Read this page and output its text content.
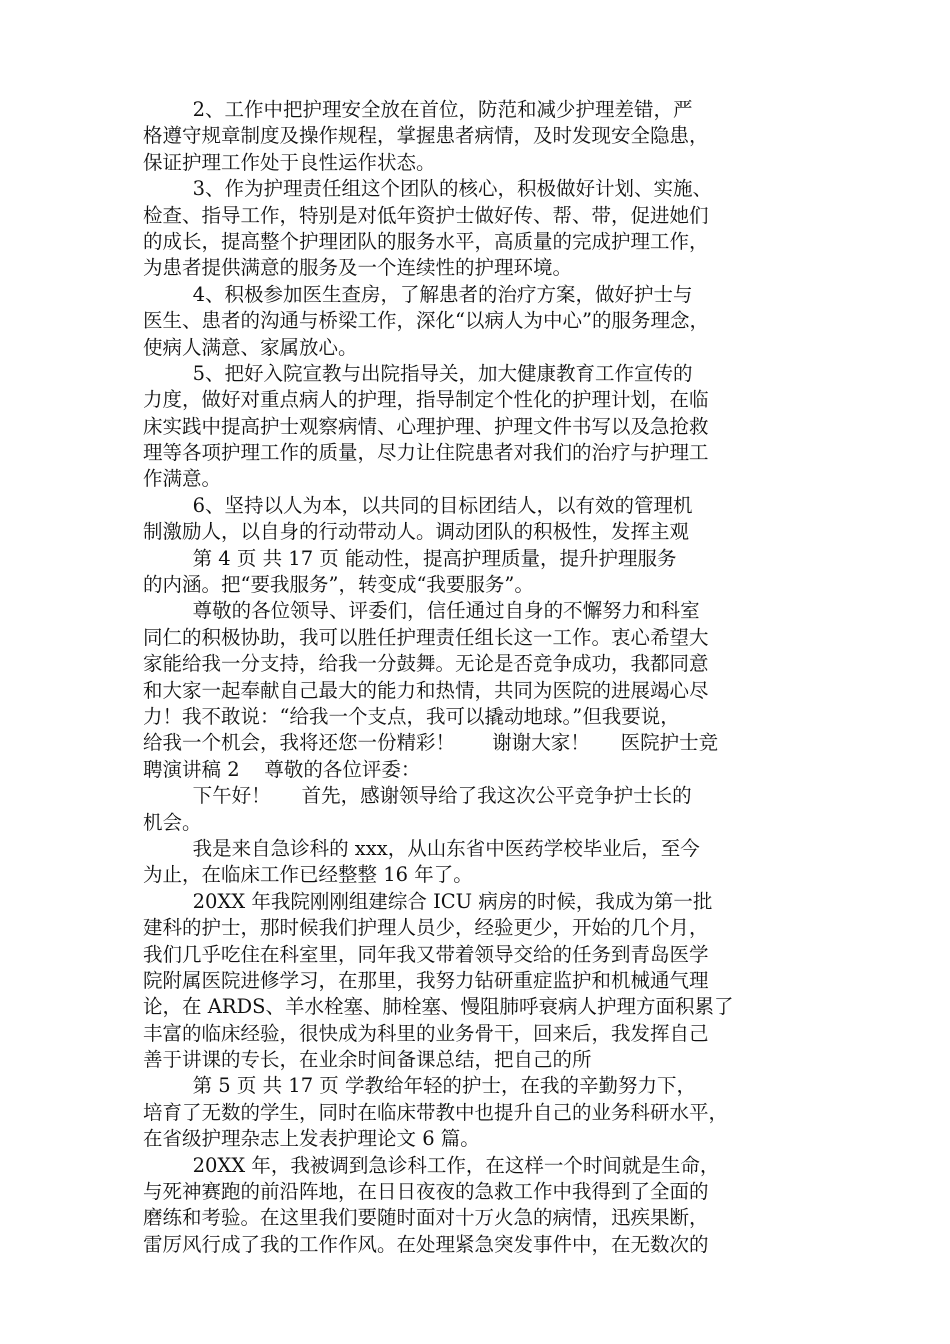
2、工作中把护理安全放在首位，防范和减少护理差错，严
格遵守规章制度及操作规程，掌握患者病情，及时发现安全隐患，
保证护理工作处于良性运作状态。
3、作为护理责任组这个团队的核心，积极做好计划、实施、
检查、指导工作，特别是对低年资护士做好传、帮、带，促进她们
的成长，提高整个护理团队的服务水平，高质量的完成护理工作，
为患者提供满意的服务及一个连续性的护理环境。
4、积极参加医生查房，了解患者的治疗方案，做好护士与
医生、患者的沟通与桥梁工作，深化“以病人为中心”的服务理念，
使病人满意、家属放心。
5、把好入院宣教与出院指导关，加大健康教育工作宣传的
力度，做好对重点病人的护理，指导制定个性化的护理计划，在临
床实践中提高护士观察病情、心理护理、护理文件书写以及急抢救
理等各项护理工作的质量，尽力让住院患者对我们的治疗与护理工
作满意。
6、坚持以人为本，以共同的目标团结人，以有效的管理机
制激励人，以自身的行动带动人。调动团队的积极性，发挥主观
第 4 页 共 17 页 能动性，提高护理质量，提升护理服务
的内涵。把“要我服务”，转变成“我要服务”。
尊敬的各位领导、评委们，信任通过自身的不懈努力和科室
同仁的积极协助，我可以胜任护理责任组长这一工作。衷心希望大
家能给我一分支持，给我一分鼓舞。无论是否竞争成功，我都同意
和大家一起奉献自己最大的能力和热情，共同为医院的进展竭心尽
力！我不敢说：“给我一个支点，我可以撬动地球。”但我要说，
给我一个机会，我将还您一份精彩！      谢谢大家！     医院护士竞
聘演讲稿 2    尊敬的各位评委：
下午好！     首先，感谢领导给了我这次公平竞争护士长的
机会。
我是来自急诊科的 xxx，从山东省中医药学校毕业后，至今
为止，在临床工作已经整整 16 年了。
20XX 年我院刚刚组建综合 ICU 病房的时候，我成为第一批
建科的护士，那时候我们护理人员少，经验更少，开始的几个月，
我们几乎吃住在科室里，同年我又带着领导交给的任务到青岛医学
院附属医院进修学习，在那里，我努力钻研重症监护和机械通气理
论，在 ARDS、羊水栓塞、肺栓塞、慢阻肺呼衰病人护理方面积累了
丰富的临床经验，很快成为科里的业务骨干，回来后，我发挥自己
善于讲课的专长，在业余时间备课总结，把自己的所
第 5 页 共 17 页 学教给年轻的护士，在我的辛勤努力下，
培育了无数的学生，同时在临床带教中也提升自己的业务科研水平，
在省级护理杂志上发表护理论文 6 篇。
20XX 年，我被调到急诊科工作，在这样一个时间就是生命，
与死神赛跑的前沿阵地，在日日夜夜的急救工作中我得到了全面的
磨练和考验。在这里我们要随时面对十万火急的病情，迅疾果断，
雷厉风行成了我的工作作风。在处理紧急突发事件中，在无数次的
